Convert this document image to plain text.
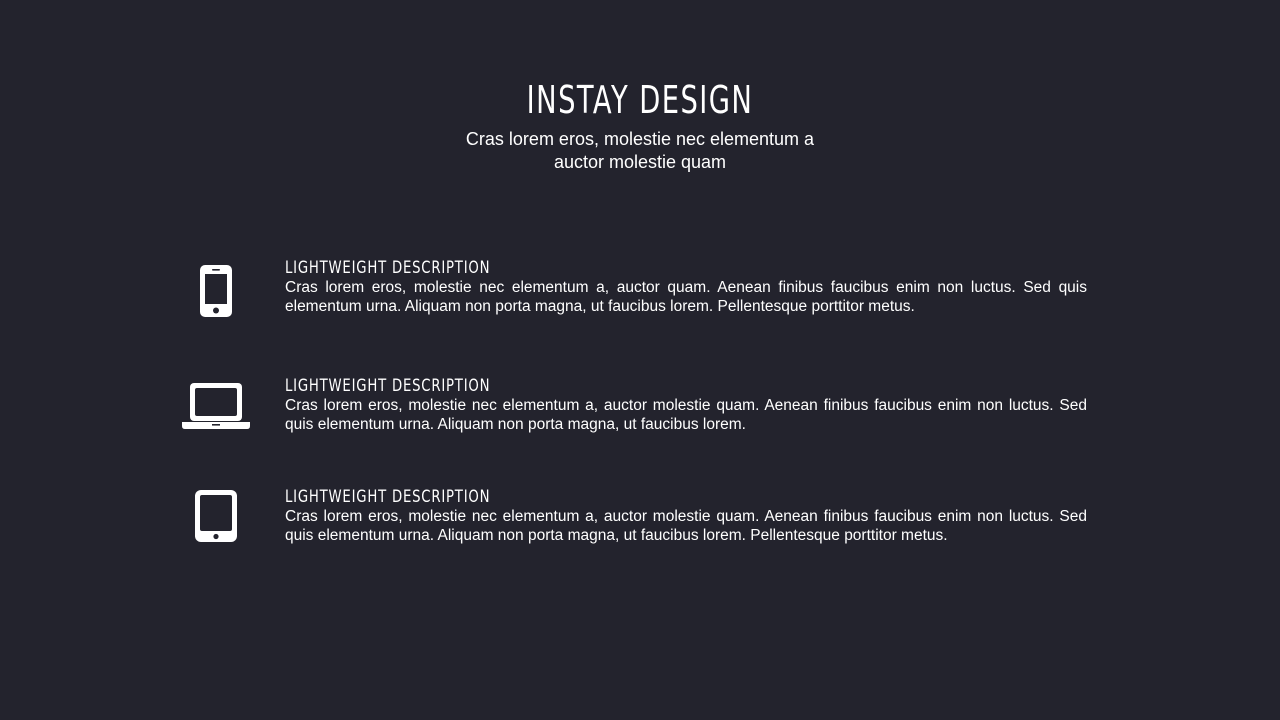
INSTAY DESIGN

Cras lorem eros, molestie nec elementum a auctor molestie quam

LIGHTWEIGHT DESCRIPTION

Cras lorem eros, molestie nec elementum a, auctor quam. Aenean finibus faucibus enim non luctus. Sed quis elementum urna. Aliquam non porta magna, ut faucibus lorem. Pellentesque porttitor metus.

LIGHTWEIGHT DESCRIPTION

Cras lorem eros, molestie nec elementum a, auctor molestie quam. Aenean finibus faucibus enim non luctus. Sed quis elementum urna. Aliquam non porta magna, ut faucibus lorem.

LIGHTWEIGHT DESCRIPTION

Cras lorem eros, molestie nec elementum a, auctor molestie quam. Aenean finibus faucibus enim non luctus. Sed quis elementum urna. Aliquam non porta magna, ut faucibus lorem. Pellentesque porttitor metus.
